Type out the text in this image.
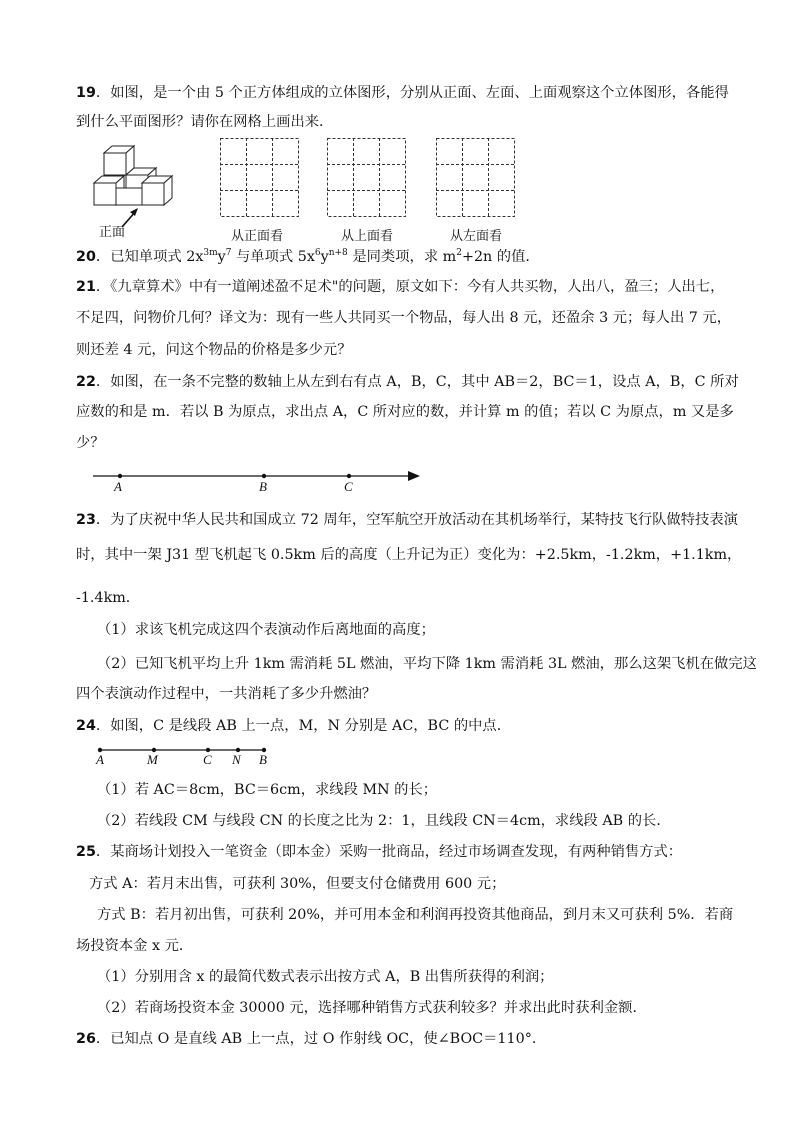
19．如图，是一个由 5 个正方体组成的立体图形，分别从正面、左面、上面观察这个立体图形，各能得
到什么平面图形？请你在网格上画出来．
正面	从正面看	从上面看	从左面看
20．已知单项式 $2x^{3m}y^7$ 与单项式 $5x^6y^{n+8}$ 是同类项，求 $m^2+2n$ 的值．
21．《九章算术》中有一道阐述盈不足术"的问题，原文如下：今有人共买物，人出八，盈三；人出七，
不足四，问物价几何？译文为：现有一些人共同买一个物品，每人出 8 元，还盈余 3 元；每人出 7 元，
则还差 4 元，问这个物品的价格是多少元？
22．如图，在一条不完整的数轴上从左到右有点 A，B，C，其中 AB＝2，BC＝1，设点 A，B，C 所对
应数的和是 m．若以 B 为原点，求出点 A，C 所对应的数，并计算 m 的值；若以 C 为原点，m 又是多
少？
A	B	C
23．为了庆祝中华人民共和国成立 72 周年，空军航空开放活动在其机场举行，某特技飞行队做特技表演
时，其中一架 J31 型飞机起飞 0.5km 后的高度（上升记为正）变化为：+2.5km，-1.2km，+1.1km，
-1.4km．
（1）求该飞机完成这四个表演动作后离地面的高度；
（2）已知飞机平均上升 1km 需消耗 5L 燃油，平均下降 1km 需消耗 3L 燃油，那么这架飞机在做完这
四个表演动作过程中，一共消耗了多少升燃油？
24．如图，C 是线段 AB 上一点，M，N 分别是 AC，BC 的中点．
A	M	C N B
（1）若 AC＝8cm，BC＝6cm，求线段 MN 的长；
（2）若线段 CM 与线段 CN 的长度之比为 2：1，且线段 CN＝4cm，求线段 AB 的长．
25．某商场计划投入一笔资金（即本金）采购一批商品，经过市场调查发现，有两种销售方式：
方式 A：若月末出售，可获利 30%，但要支付仓储费用 600 元；
方式 B：若月初出售，可获利 20%，并可用本金和利润再投资其他商品，到月末又可获利 5%．若商
场投资本金 x 元．
（1）分别用含 x 的最简代数式表示出按方式 A，B 出售所获得的利润；
（2）若商场投资本金 30000 元，选择哪种销售方式获利较多？并求出此时获利金额．
26．已知点 O 是直线 AB 上一点，过 O 作射线 OC，使∠BOC＝110°．
